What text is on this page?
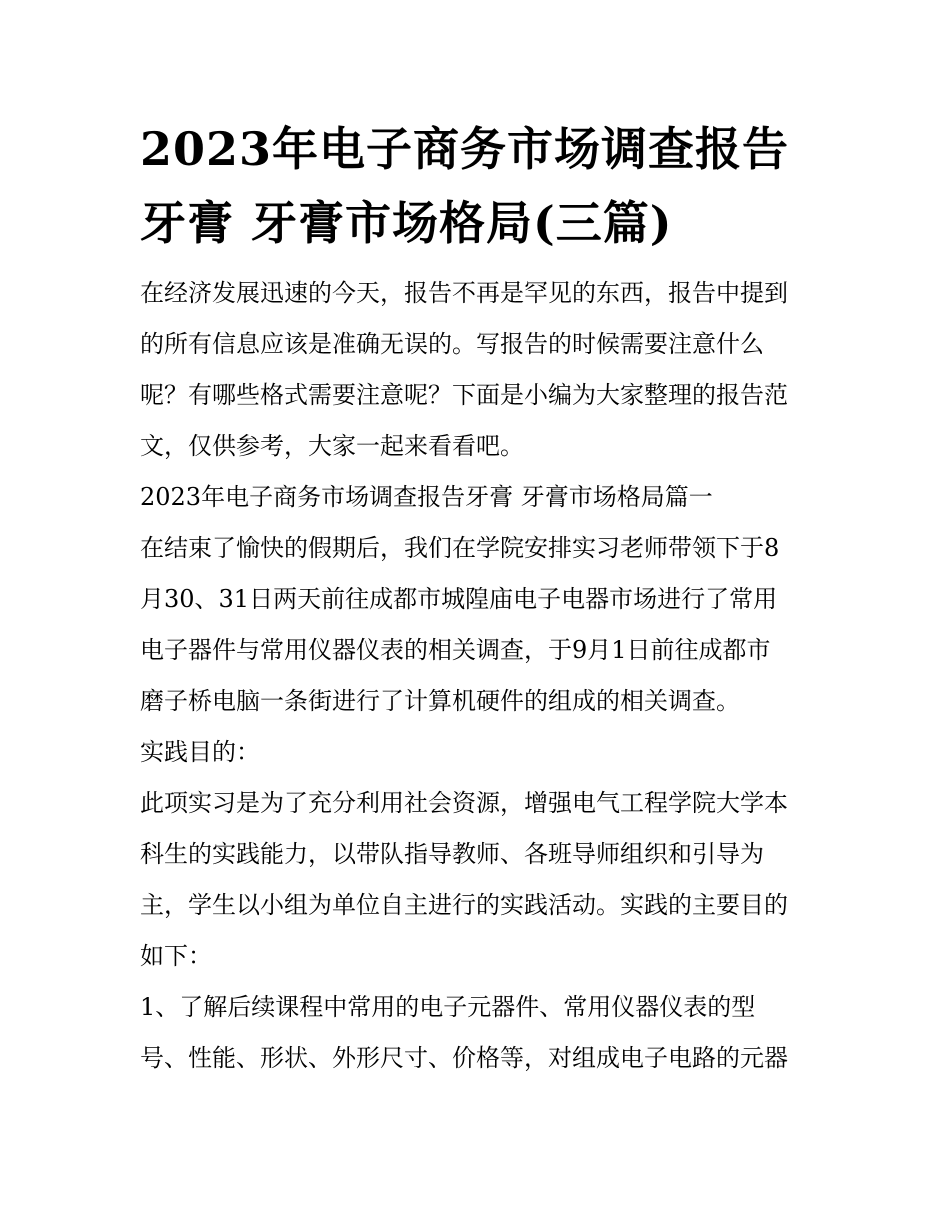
2023年电子商务市场调查报告
牙膏 牙膏市场格局(三篇)

在经济发展迅速的今天，报告不再是罕见的东西，报告中提到
的所有信息应该是准确无误的。写报告的时候需要注意什么
呢？有哪些格式需要注意呢？下面是小编为大家整理的报告范
文，仅供参考，大家一起来看看吧。

2023年电子商务市场调查报告牙膏 牙膏市场格局篇一

在结束了愉快的假期后，我们在学院安排实习老师带领下于8
月30、31日两天前往成都市城隍庙电子电器市场进行了常用
电子器件与常用仪器仪表的相关调查，于9月1日前往成都市
磨子桥电脑一条街进行了计算机硬件的组成的相关调查。

实践目的：

此项实习是为了充分利用社会资源，增强电气工程学院大学本
科生的实践能力，以带队指导教师、各班导师组织和引导为
主，学生以小组为单位自主进行的实践活动。实践的主要目的
如下：

1、了解后续课程中常用的电子元器件、常用仪器仪表的型
号、性能、形状、外形尺寸、价格等，对组成电子电路的元器
